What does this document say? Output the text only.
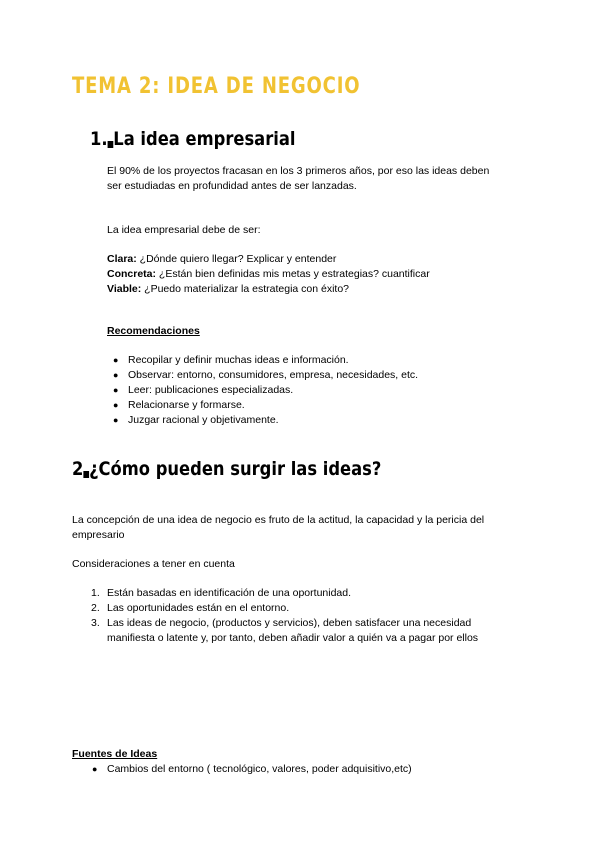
TEMA 2: IDEA DE NEGOCIO
1. La idea empresarial
El 90% de los proyectos fracasan en los 3 primeros años, por eso las ideas deben
ser estudiadas en profundidad antes de ser lanzadas.
La idea empresarial debe de ser:
Clara: ¿Dónde quiero llegar? Explicar y entender
Concreta: ¿Están bien definidas mis metas y estrategias? cuantificar
Viable: ¿Puedo materializar la estrategia con éxito?
Recomendaciones
● Recopilar y definir muchas ideas e información.
● Observar: entorno, consumidores, empresa, necesidades, etc.
● Leer: publicaciones especializadas.
● Relacionarse y formarse.
● Juzgar racional y objetivamente.
2 ¿Cómo pueden surgir las ideas?
La concepción de una idea de negocio es fruto de la actitud, la capacidad y la pericia del
empresario
Consideraciones a tener en cuenta
1. Están basadas en identificación de una oportunidad.
2. Las oportunidades están en el entorno.
3. Las ideas de negocio, (productos y servicios), deben satisfacer una necesidad
manifiesta o latente y, por tanto, deben añadir valor a quién va a pagar por ellos
Fuentes de Ideas
● Cambios del entorno ( tecnológico, valores, poder adquisitivo,etc)
